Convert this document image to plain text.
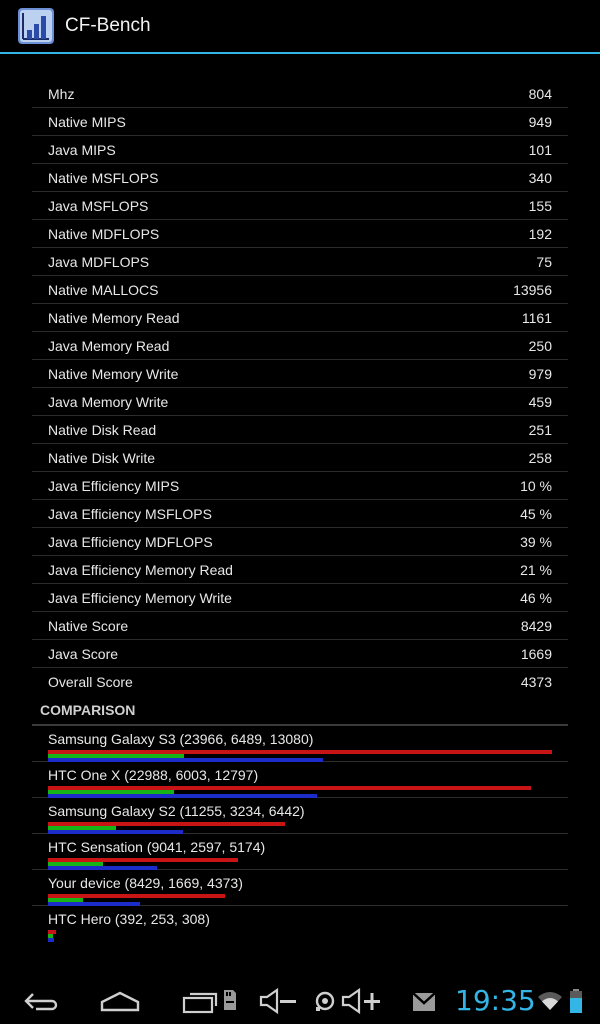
CF-Bench
Mhz	804
Native MIPS	949
Java MIPS	101
Native MSFLOPS	340
Java MSFLOPS	155
Native MDFLOPS	192
Java MDFLOPS	75
Native MALLOCS	13956
Native Memory Read	1161
Java Memory Read	250
Native Memory Write	979
Java Memory Write	459
Native Disk Read	251
Native Disk Write	258
Java Efficiency MIPS	10 %
Java Efficiency MSFLOPS	45 %
Java Efficiency MDFLOPS	39 %
Java Efficiency Memory Read	21 %
Java Efficiency Memory Write	46 %
Native Score	8429
Java Score	1669
Overall Score	4373
COMPARISON
Samsung Galaxy S3 (23966, 6489, 13080)
HTC One X (22988, 6003, 12797)
Samsung Galaxy S2 (11255, 3234, 6442)
HTC Sensation (9041, 2597, 5174)
Your device (8429, 1669, 4373)
HTC Hero (392, 253, 308)
19:35
